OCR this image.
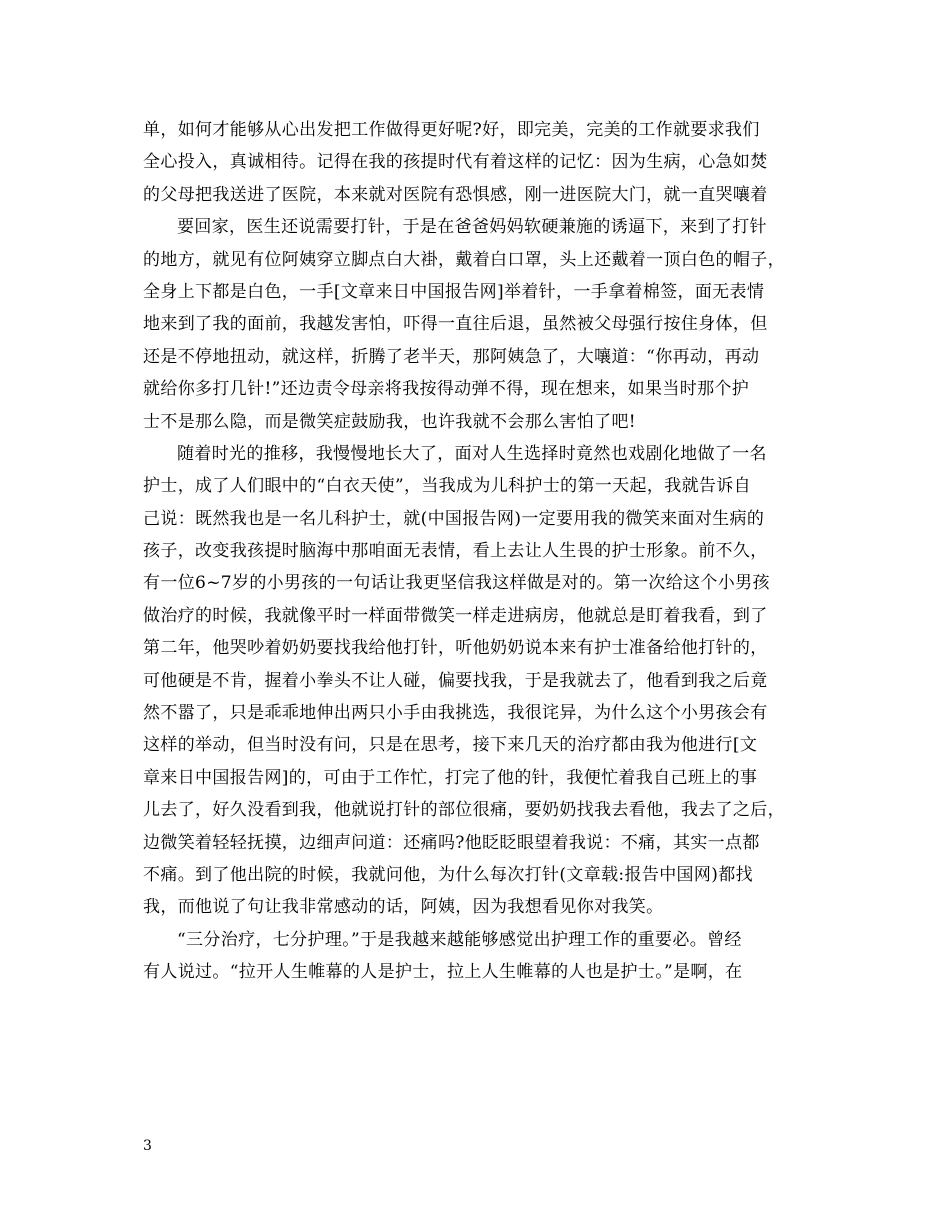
单，如何才能够从心出发把工作做得更好呢?好，即完美，完美的工作就要求我们
全心投入，真诚相待。记得在我的孩提时代有着这样的记忆：因为生病，心急如焚
的父母把我送进了医院，本来就对医院有恐惧感，刚一进医院大门，就一直哭嚷着
要回家，医生还说需要打针，于是在爸爸妈妈软硬兼施的诱逼下，来到了打针
的地方，就见有位阿姨穿立脚点白大褂，戴着白口罩，头上还戴着一顶白色的帽子，
全身上下都是白色，一手[文章来日中国报告网]举着针，一手拿着棉签，面无表情
地来到了我的面前，我越发害怕，吓得一直往后退，虽然被父母强行按住身体，但
还是不停地扭动，就这样，折腾了老半天，那阿姨急了，大嚷道：“你再动，再动
就给你多打几针!”还边责令母亲将我按得动弹不得，现在想来，如果当时那个护
士不是那么隐，而是微笑症鼓励我，也许我就不会那么害怕了吧!
随着时光的推移，我慢慢地长大了，面对人生选择时竟然也戏剧化地做了一名
护士，成了人们眼中的“白衣天使”，当我成为儿科护士的第一天起，我就告诉自
己说：既然我也是一名儿科护士，就(中国报告网)一定要用我的微笑来面对生病的
孩子，改变我孩提时脑海中那咱面无表情，看上去让人生畏的护士形象。前不久，
有一位6~7岁的小男孩的一句话让我更坚信我这样做是对的。第一次给这个小男孩
做治疗的时候，我就像平时一样面带微笑一样走进病房，他就总是盯着我看，到了
第二年，他哭吵着奶奶要找我给他打针，听他奶奶说本来有护士准备给他打针的，
可他硬是不肯，握着小拳头不让人碰，偏要找我，于是我就去了，他看到我之后竟
然不嚣了，只是乖乖地伸出两只小手由我挑选，我很诧异，为什么这个小男孩会有
这样的举动，但当时没有问，只是在思考，接下来几天的治疗都由我为他进行[文
章来日中国报告网]的，可由于工作忙，打完了他的针，我便忙着我自己班上的事
儿去了，好久没看到我，他就说打针的部位很痛，要奶奶找我去看他，我去了之后，
边微笑着轻轻抚摸，边细声问道：还痛吗?他眨眨眼望着我说：不痛，其实一点都
不痛。到了他出院的时候，我就问他，为什么每次打针(文章载:报告中国网)都找
我，而他说了句让我非常感动的话，阿姨，因为我想看见你对我笑。
“三分治疗，七分护理。”于是我越来越能够感觉出护理工作的重要必。曾经
有人说过。“拉开人生帷幕的人是护士，拉上人生帷幕的人也是护士。”是啊，在
3
